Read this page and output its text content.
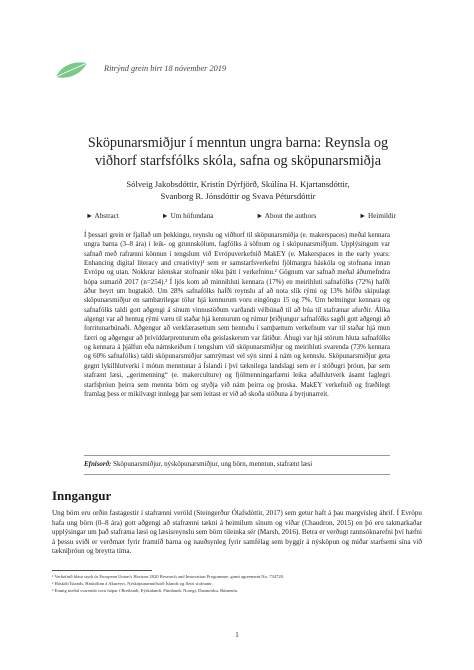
Ritrýnd grein birt 18 nóvember 2019
Sköpunarsmiðjur í menntun ungra barna: Reynsla og
viðhorf starfsfólks skóla, safna og sköpunarsmiðja
Sólveig Jakobsdóttir, Kristín Dýrfjörð, Skúlína H. Kjartansdóttir,
Svanborg R. Jónsdóttir og Svava Pétursdóttir
► Abstract	► Um höfundana	► About the authors	► Heimildir

Í þessari grein er fjallað um þekkingu, reynslu og viðhorf til sköpunarsmiðja (e. makerspaces) meðal kennara ungra barna (3–8 ára) í leik- og grunnskólum, fagfólks á söfnum og í sköpunarsmiðjum. Upplýsingum var safnað með rafrænni könnun í tengslum við Evrópuverkefnið MakEY (e. Makerspaces in the early years: Enhancing digital literacy and creativity)¹ sem er samstarfsverkefni fjölmargra háskóla og stofnana innan Evrópu og utan. Nokkrar íslenskar stofnanir tóku þátt í verkefninu.² Gögnum var safnað meðal áðurnefndra hópa sumarið 2017 (n=254).³ Í ljós kom að minnihluti kennara (17%) en meirihluti safnafólks (72%) hafði áður heyrt um hugtakið. Um 28% safnafólks hafði reynslu af að nota slík rými og 13% höfðu skipulagt sköpunarsmiðjur en sambærilegar tölur hjá kennurum voru eingöngu 15 og 7%. Um helmingur kennara og safnafólks taldi gott aðgengi á sínum vinnustöðum varðandi vélbúnað til að búa til stafrænar afurðir. Álíka algengt var að hentug rými væru til staðar hjá kennurum og rúmur þriðjungur safnafólks sagði gott aðgengi að forritunarbúnaði. Aðgengur að verkfærasettum sem hentuðu í samþættum verkefnum var til staðar hjá mun færri og aðgengur að þrívíddarprenturum eða geislaskerum var fátíður. Áhugi var hjá stórum hluta safnafólks og kennara á þjálfun eða námskeiðum í tengslum við sköpunarsmiðjur og meirihluti svarenda (73% kennara og 60% safnafólks) taldi sköpunarsmiðjur samrýmast vel sýn sinni á nám og kennslu. Sköpunarsmiðjur geta gegnt lykilhlutverki í mótun menntunar á Íslandi í því tæknilega landslagi sem er í stöðugri þróun, þar sem stafrænt læsi, „gerimenning“ (e. makerculture) og fjölmenningarfærni leika aðalhlutverk ásamt faglegri starfsþróun þeirra sem mennta börn og styðja við nám þeirra og þroska. MakEY verkefnið og fræðilegt framlag þess er mikilvægt innlegg þar sem leitast er við að skoða stöðuna á byrjunarreit.

Efnisorð: Sköpunarsmiðjur, nýsköpunarsmiðjur, ung börn, menntun, stafrænt læsi
Inngangur

Ung börn eru orðin fastagestir í stafrænni veröld (Steingerður Ólafsdóttir, 2017) sem getur haft á þau margvísleg áhrif. Í Evrópu hafa ung börn (0–8 ára) gott aðgengi að stafrænni tækni á heimilum sínum og víðar (Chaudron, 2015) en þó eru takmarkaðar upplýsingar um það stafræna læsi og læsisreynslu sem börn tileinka sér (Marsh, 2016). Betra er verðugt rannsóknarefni því hæfni á þessu sviði er verðmæt fyrir framtíð barna og nauðsynleg fyrir samfélag sem byggir á nýsköpun og miðar starfsemi sína við tækniþróun og breytta tíma.

¹ Verkefnið hlaut styrk úr European Union's Horizon 2020 Research and Innovation Programme, grant agreement No. 734720.
² Háskóli Íslands, Háskólinn á Akureyri, Nýsköpunarmiðstöð Íslands og fleiri stofnanir.
³ Einnig meðal svarenda voru hópar í Bretlandi, Þýskalandi, Finnlandi, Noregi, Danmörku, Rúmeníu.
1
